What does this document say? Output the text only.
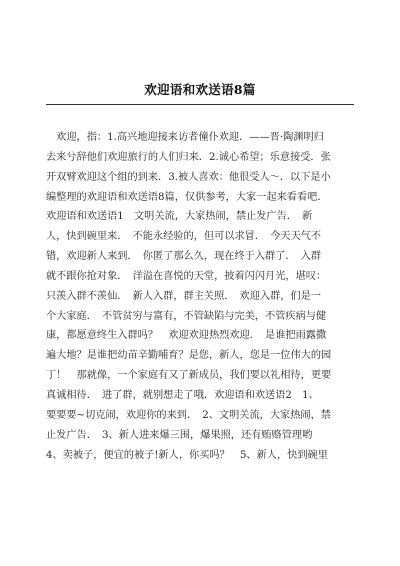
欢迎语和欢送语8篇
　欢迎，指：1.高兴地迎接来访者僮仆欢迎．——晋·陶渊明归
去来兮辞他们欢迎旅行的人们归来．2.诚心希望；乐意接受．张
开双臂欢迎这个组的到来．3.被人喜欢：他很受人～．以下是小
编整理的欢迎语和欢送语8篇，仅供参考，大家一起来看看吧．
欢迎语和欢送语1　文明关流，大家热闹，禁止发广告．　新
人，快到碗里来．　不能永经验的，但可以求冒．　今天天气不
错，欢迎新人来到．　你匿了那么久，现在终于入群了．　入群
就不跟你抢对象．　洋溢在喜悦的天堂，披着闪闪月光，堪叹：
只羡入群不羡仙．　新人入群，群主关照．　欢迎入群，们是一
个大家庭．　不管贫穷与富有，不管缺陷与完美，不管疾病与健
康，都愿意终生入群吗？　欢迎欢迎热烈欢迎．　是谁把雨露撒
遍大地？是谁把幼苗辛勤哺育？是您，新人，您是一位伟大的园
丁！　那就像，一个家庭有又了新成员，我们要以礼相待，更要
真诚相待．　进了群，就别想走了哦．欢迎语和欢送语2　1、
要要要~切克闹，欢迎你的来到．　2、文明关流，大家热闹，禁
止发广告．　3、新人进来爆三围，爆果照，还有贿赂管理哟
4、卖被子，便宜的被子!新人，你买吗？　5、新人，快到碗里
